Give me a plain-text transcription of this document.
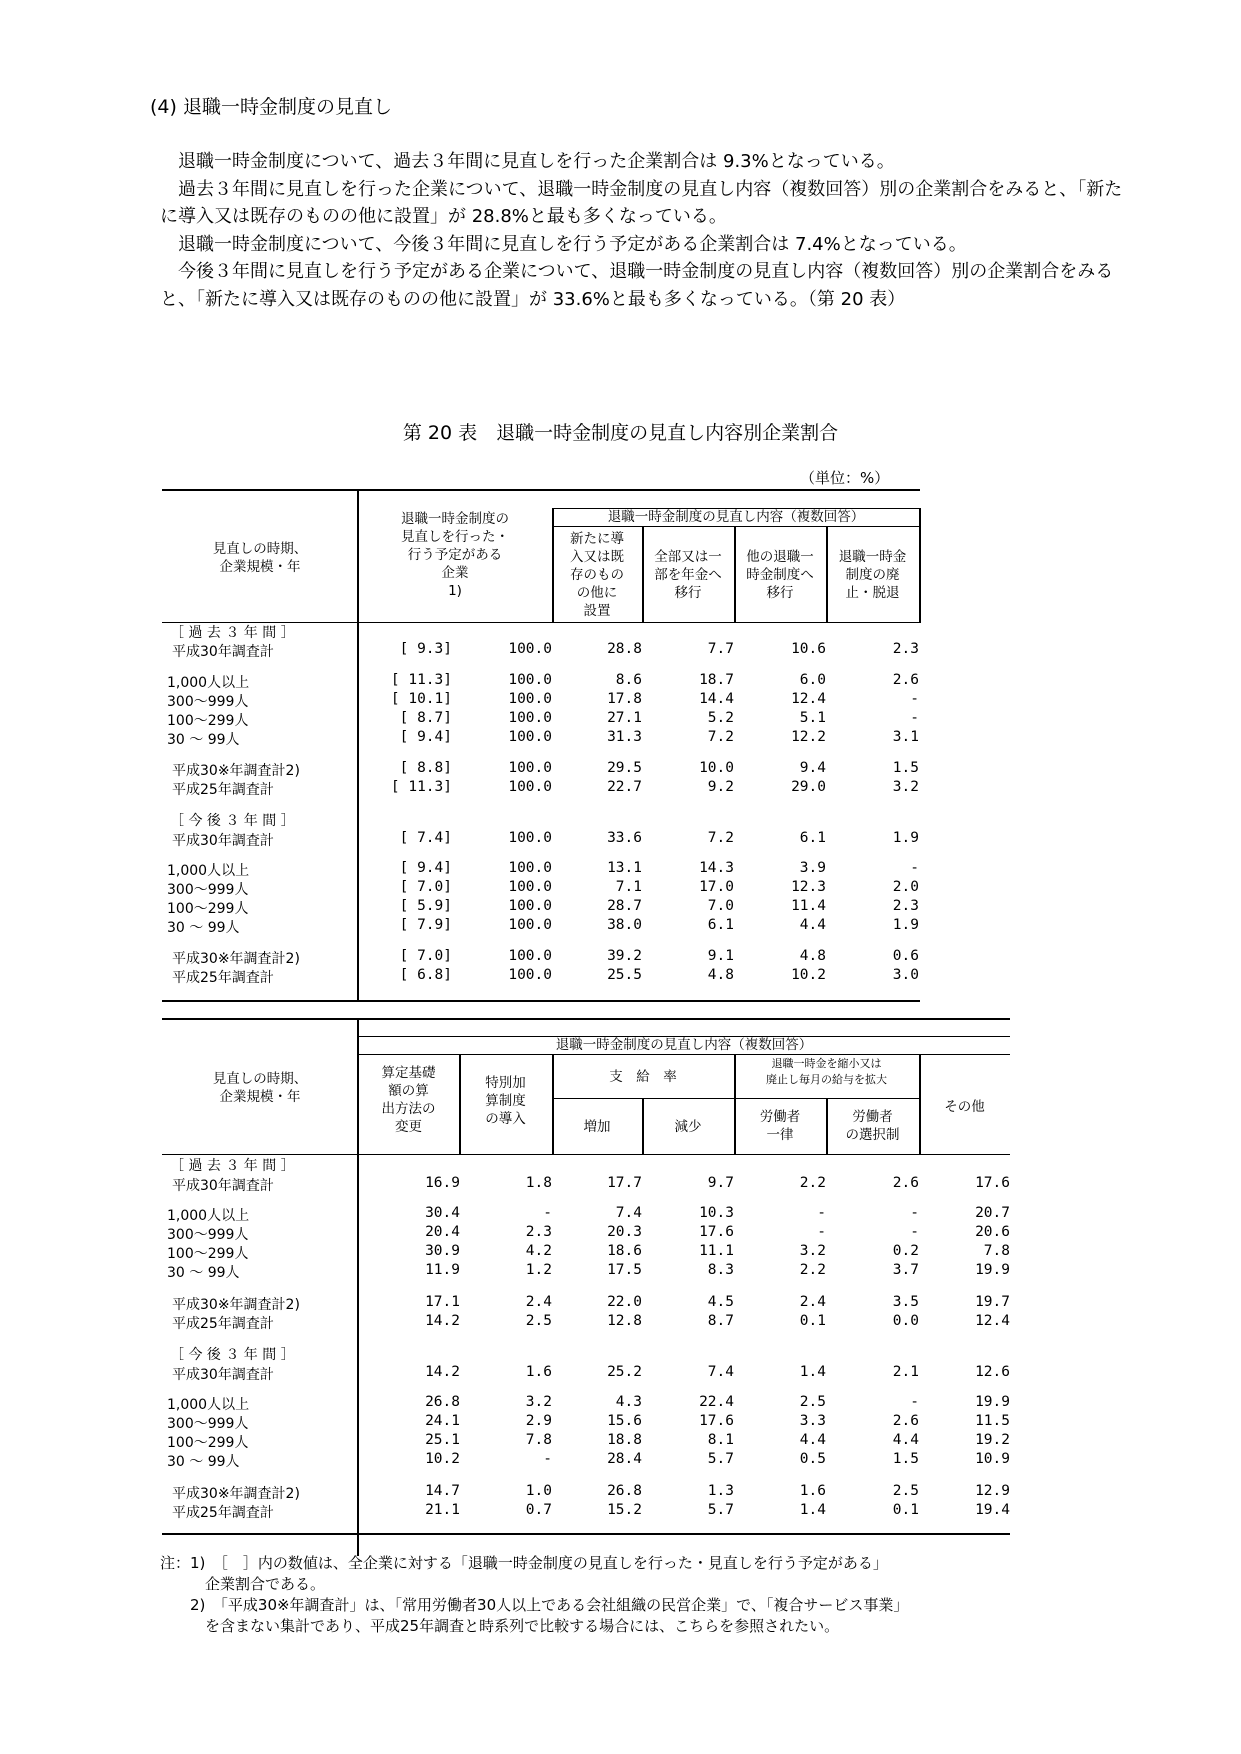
(4) 退職一時金制度の見直し

退職一時金制度について、過去３年間に見直しを行った企業割合は 9.3%となっている。

過去３年間に見直しを行った企業について、退職一時金制度の見直し内容（複数回答）別の企業割合をみると、「新たに導入又は既存のものの他に設置」が 28.8%と最も多くなっている。

退職一時金制度について、今後３年間に見直しを行う予定がある企業割合は 7.4%となっている。

今後３年間に見直しを行う予定がある企業について、退職一時金制度の見直し内容（複数回答）別の企業割合をみると、「新たに導入又は既存のものの他に設置」が 33.6%と最も多くなっている。（第 20 表）

第 20 表　退職一時金制度の見直し内容別企業割合
（単位：%）
見直しの時期、
企業規模・年
退職一時金制度の
見直しを行った・
行う予定がある
企業
1)
退職一時金制度の見直し内容（複数回答）
新たに導
入又は既
存のもの
の他に
設置
全部又は一
部を年金へ
移行
他の退職一
時金制度へ
移行
退職一時金
制度の廃
止・脱退
［ 過 去 ３ 年 間 ］
平成30年調査計	[ 9.3]	100.0	28.8	7.7	10.6	2.3
1,000人以上	[ 11.3]	100.0	8.6	18.7	6.0	2.6
300～999人	[ 10.1]	100.0	17.8	14.4	12.4	-
100～299人	[ 8.7]	100.0	27.1	5.2	5.1	-
30 ～ 99人	[ 9.4]	100.0	31.3	7.2	12.2	3.1
平成30※年調査計2)	[ 8.8]	100.0	29.5	10.0	9.4	1.5
平成25年調査計	[ 11.3]	100.0	22.7	9.2	29.0	3.2
［ 今 後 ３ 年 間 ］
平成30年調査計	[ 7.4]	100.0	33.6	7.2	6.1	1.9
1,000人以上	[ 9.4]	100.0	13.1	14.3	3.9	-
300～999人	[ 7.0]	100.0	7.1	17.0	12.3	2.0
100～299人	[ 5.9]	100.0	28.7	7.0	11.4	2.3
30 ～ 99人	[ 7.9]	100.0	38.0	6.1	4.4	1.9
平成30※年調査計2)	[ 7.0]	100.0	39.2	9.1	4.8	0.6
平成25年調査計	[ 6.8]	100.0	25.5	4.8	10.2	3.0
見直しの時期、
企業規模・年
退職一時金制度の見直し内容（複数回答）
算定基礎
額の算
出方法の
変更
特別加
算制度
の導入
支　給　率
増加	減少
退職一時金を縮小又は
廃止し毎月の給与を拡大
労働者
一律
労働者
の選択制
その他
［ 過 去 ３ 年 間 ］
平成30年調査計	16.9	1.8	17.7	9.7	2.2	2.6	17.6
1,000人以上	30.4	-	7.4	10.3	-	-	20.7
300～999人	20.4	2.3	20.3	17.6	-	-	20.6
100～299人	30.9	4.2	18.6	11.1	3.2	0.2	7.8
30 ～ 99人	11.9	1.2	17.5	8.3	2.2	3.7	19.9
平成30※年調査計2)	17.1	2.4	22.0	4.5	2.4	3.5	19.7
平成25年調査計	14.2	2.5	12.8	8.7	0.1	0.0	12.4
［ 今 後 ３ 年 間 ］
平成30年調査計	14.2	1.6	25.2	7.4	1.4	2.1	12.6
1,000人以上	26.8	3.2	4.3	22.4	2.5	-	19.9
300～999人	24.1	2.9	15.6	17.6	3.3	2.6	11.5
100～299人	25.1	7.8	18.8	8.1	4.4	4.4	19.2
30 ～ 99人	10.2	-	28.4	5.7	0.5	1.5	10.9
平成30※年調査計2)	14.7	1.0	26.8	1.3	1.6	2.5	12.9
平成25年調査計	21.1	0.7	15.2	5.7	1.4	0.1	19.4
注：1)　［　］内の数値は、全企業に対する「退職一時金制度の見直しを行った・見直しを行う予定がある」
　　　企業割合である。
　　2)　「平成30※年調査計」は、「常用労働者30人以上である会社組織の民営企業」で、「複合サービス事業」
　　　を含まない集計であり、平成25年調査と時系列で比較する場合には、こちらを参照されたい。
